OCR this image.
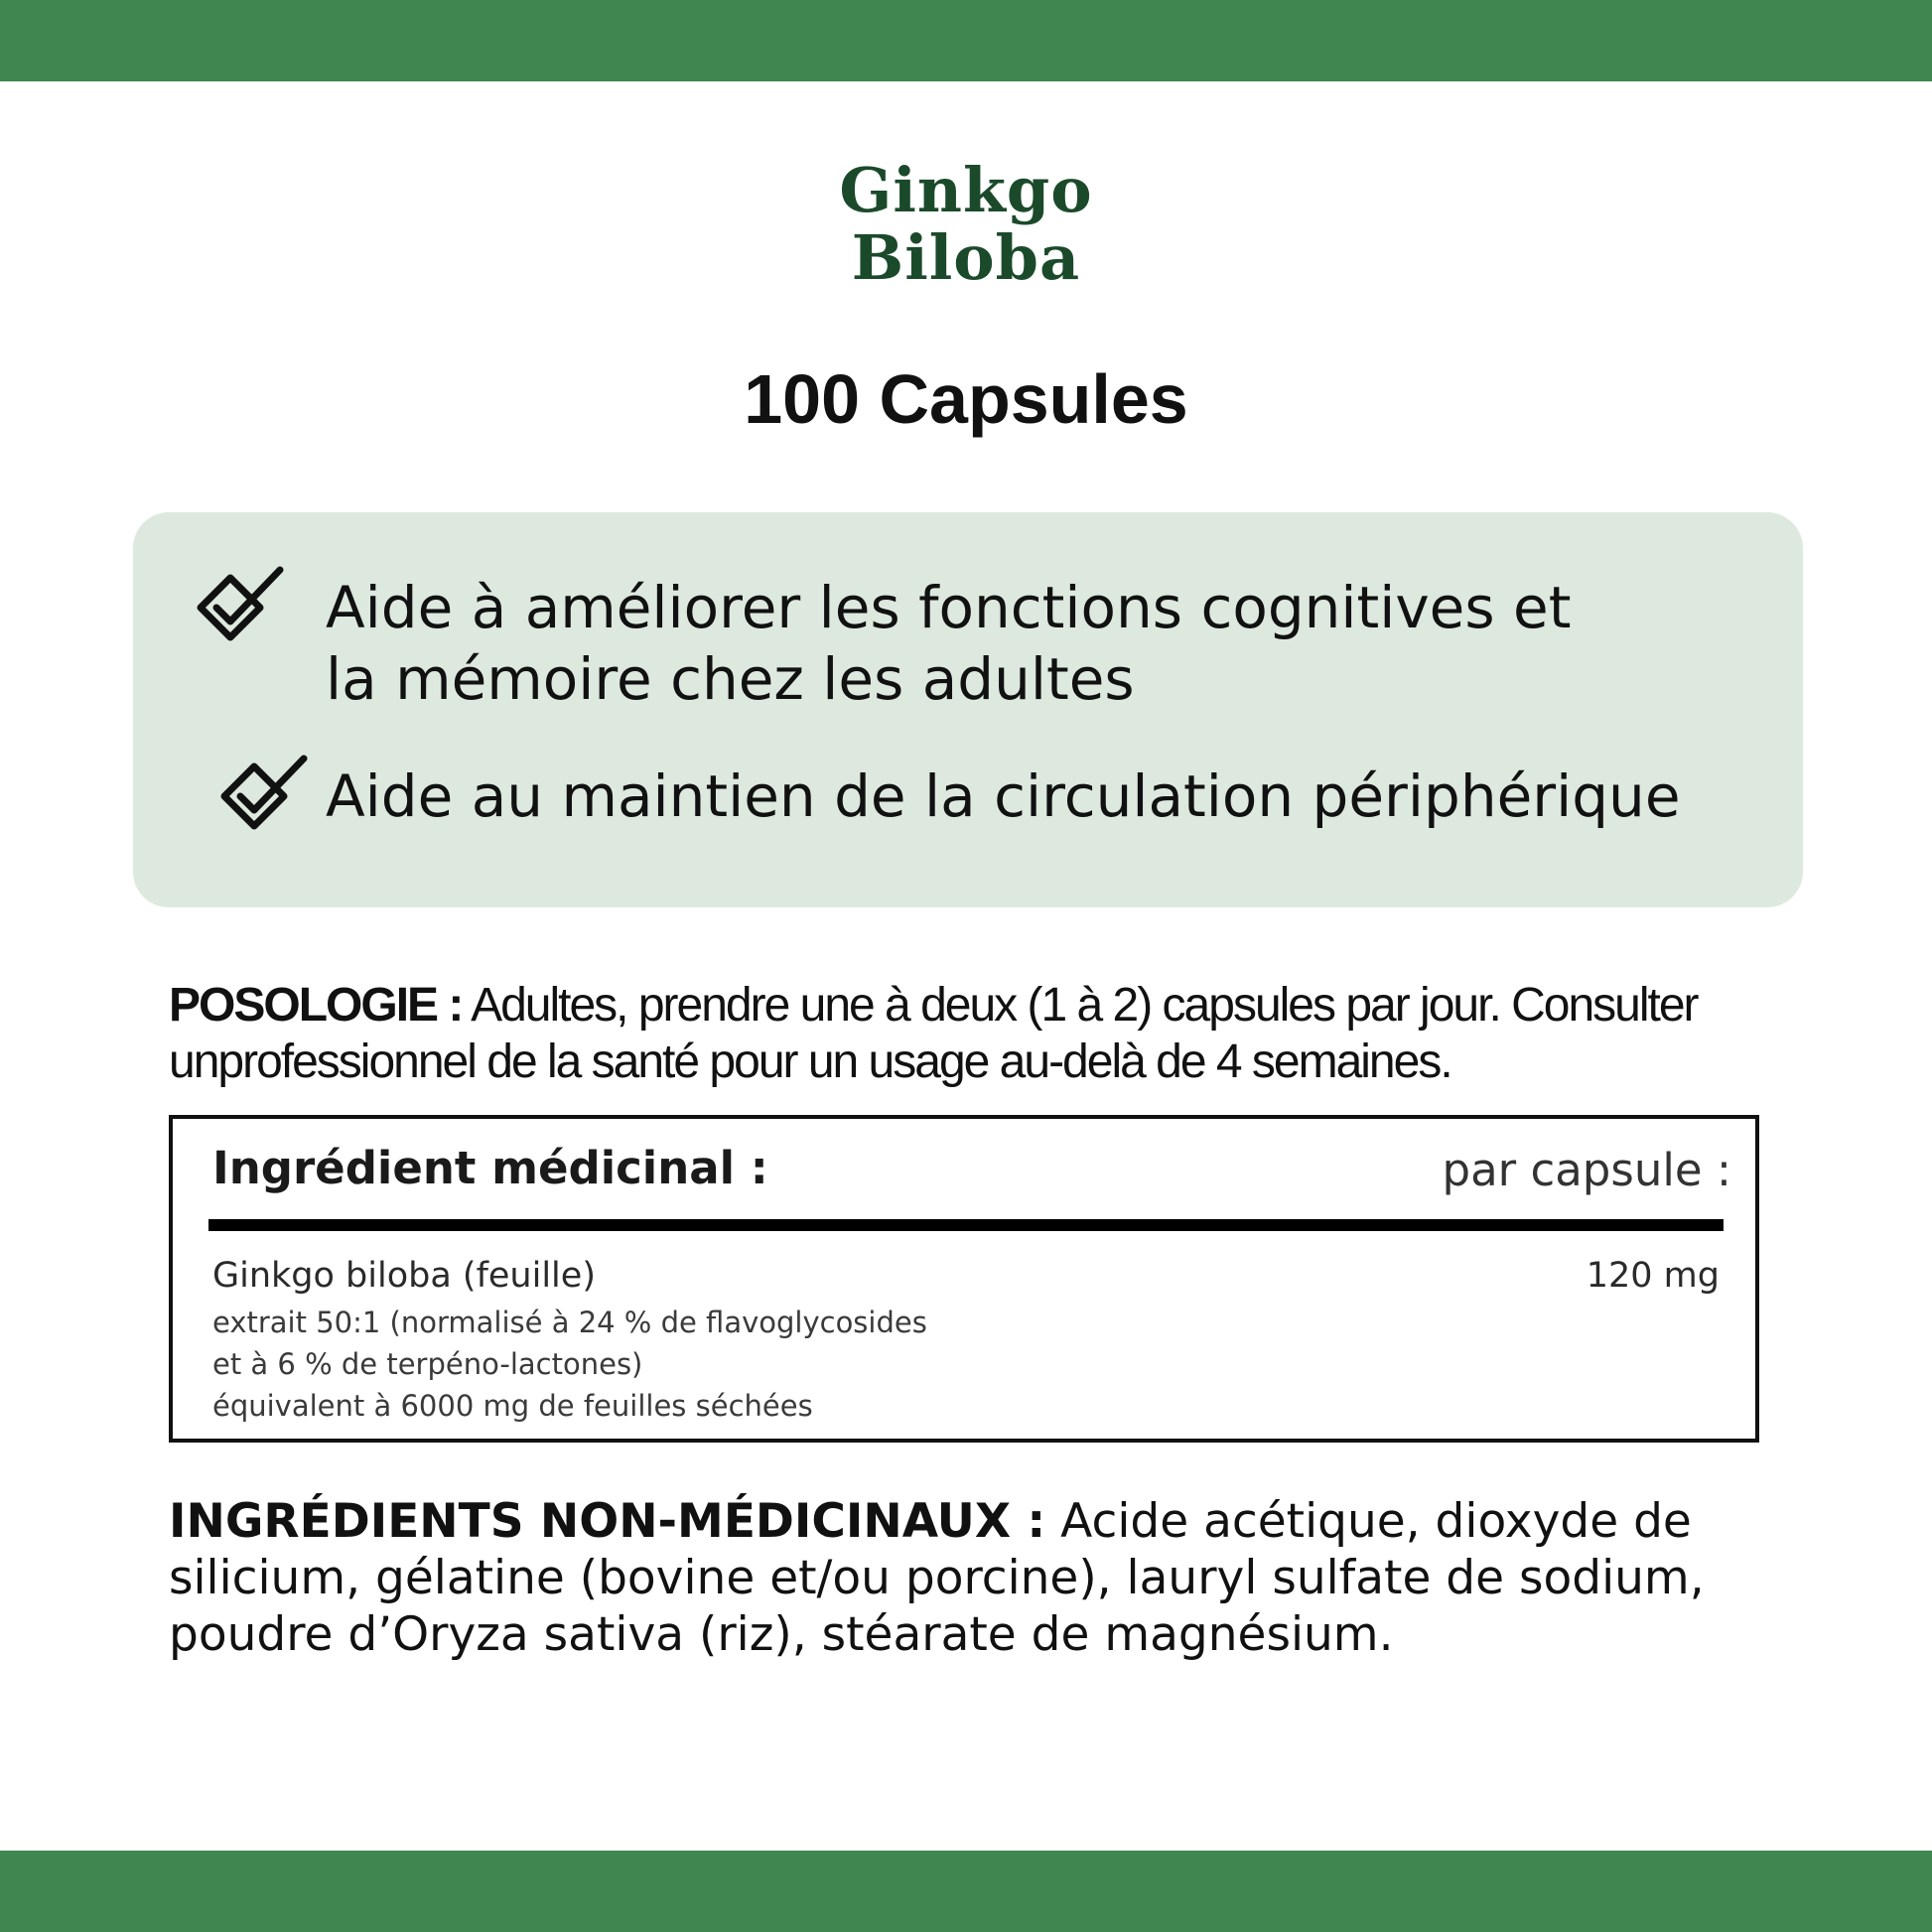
Ginkgo
Biloba
100 Capsules
Aide à améliorer les fonctions cognitives et
la mémoire chez les adultes
Aide au maintien de la circulation périphérique
POSOLOGIE : Adultes, prendre une à deux (1 à 2) capsules par jour. Consulter unprofessionnel de la santé pour un usage au-delà de 4 semaines.
Ingrédient médicinal :	par capsule :
Ginkgo biloba (feuille)	120 mg
extrait 50:1 (normalisé à 24 % de flavoglycosides
et à 6 % de terpéno-lactones)
équivalent à 6000 mg de feuilles séchées
INGRÉDIENTS NON-MÉDICINAUX : Acide acétique, dioxyde de silicium, gélatine (bovine et/ou porcine), lauryl sulfate de sodium, poudre d’Oryza sativa (riz), stéarate de magnésium.
